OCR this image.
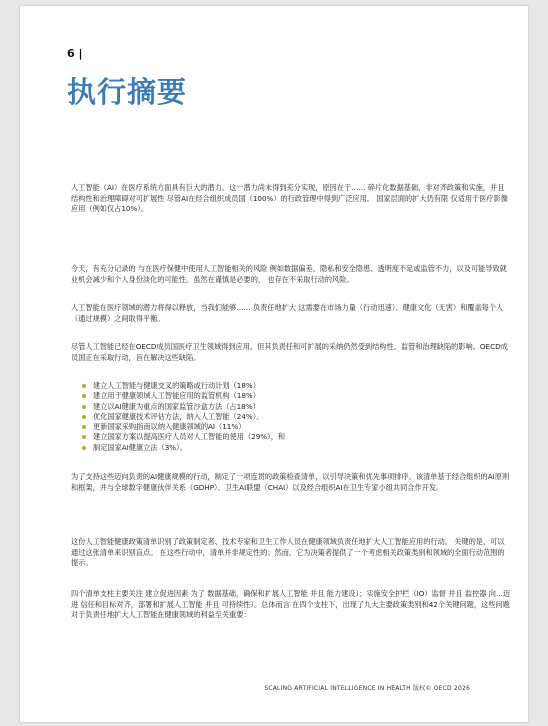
6 |
执行摘要

人工智能（AI）在医疗系统方面具有巨大的潜力。这一潜力尚未得到充分实现，原因在于…… 碎片化数据基础，非对齐政策和实施，并且 结构性和治理障碍对可扩展性 尽管AI在经合组织成员国（100%）的行政管理中得到广泛应用。 国家层面的扩大仍有限 仅适用于医疗影像应用（例如仅占10%）。

今天，有充分记录的 与在医疗保健中使用人工智能相关的风险 例如数据偏差、隐私和安全隐患、透明度不足或监管不力，以及可能导致就业机会减少和个人身份淡化的可能性。虽然在谨慎是必要的， 也存在不采取行动的风险。

人工智能在医疗领域的潜力将得以释放，当我们能够…… 负责任地扩大 这需要在市场力量（行动迅速）、健康文化（无害）和覆盖每个人（通过规模）之间取得平衡。

尽管人工智能已经在OECD成员国医疗卫生领域得到应用，但其负责任和可扩展的采纳仍然受到结构性、监管和治理缺陷的影响。OECD成员国正在采取行动，旨在解决这些缺陷。

建立人工智能与健康交叉的策略或行动计划（18%）
建立用于健康领域人工智能应用的监管机构（18%）
建立以AI健康为重点的国家监管沙盒方法（占18%）
优化国家健康技术评估方法，纳入人工智能（24%）。
更新国家采购指南以纳入健康领域的AI（11%）
建立国家方案以提高医疗人员对人工智能的使用（29%），和
制定国家AI健康立法（3%）。

为了支持这些迈向负责的AI健康规模的行动，制定了一项连贯的政策检查清单，以引导决策和优先事项排序。该清单基于经合组织的AI原则和框架，并与全球数字健康伙伴关系（GDHP）、卫生AI联盟（CHAI）以及经合组织AI在卫生专家小组共同合作开发。

这份人工智能健康政策清单识别了政策制定者、技术专家和卫生工作人员在健康领域负责任地扩大人工智能应用的行动。 关键的是，可以通过这张清单来识别盲点。 在这些行动中，清单并非规定性的；然而，它为决策者提供了一个考虑相关政策类别和领域的全面行动范围的提示。

四个清单支柱主要关注 建立促进因素 为了 数据基础，确保和扩展人工智能 并且 能力建设）；实施安全护栏（IO）监督 并且 监控器 向...迈进 信任和目标对齐，部署和扩展人工智能 并且 可持续性）。总体而言 在四个支柱下，出现了九大主要政策类别和42个关键问题，这些问题对于负责任地扩大人工智能在健康领域的利益至关重要：

SCALING ARTIFICIAL INTELLIGENCE IN HEALTH 版权© OECD 2026
